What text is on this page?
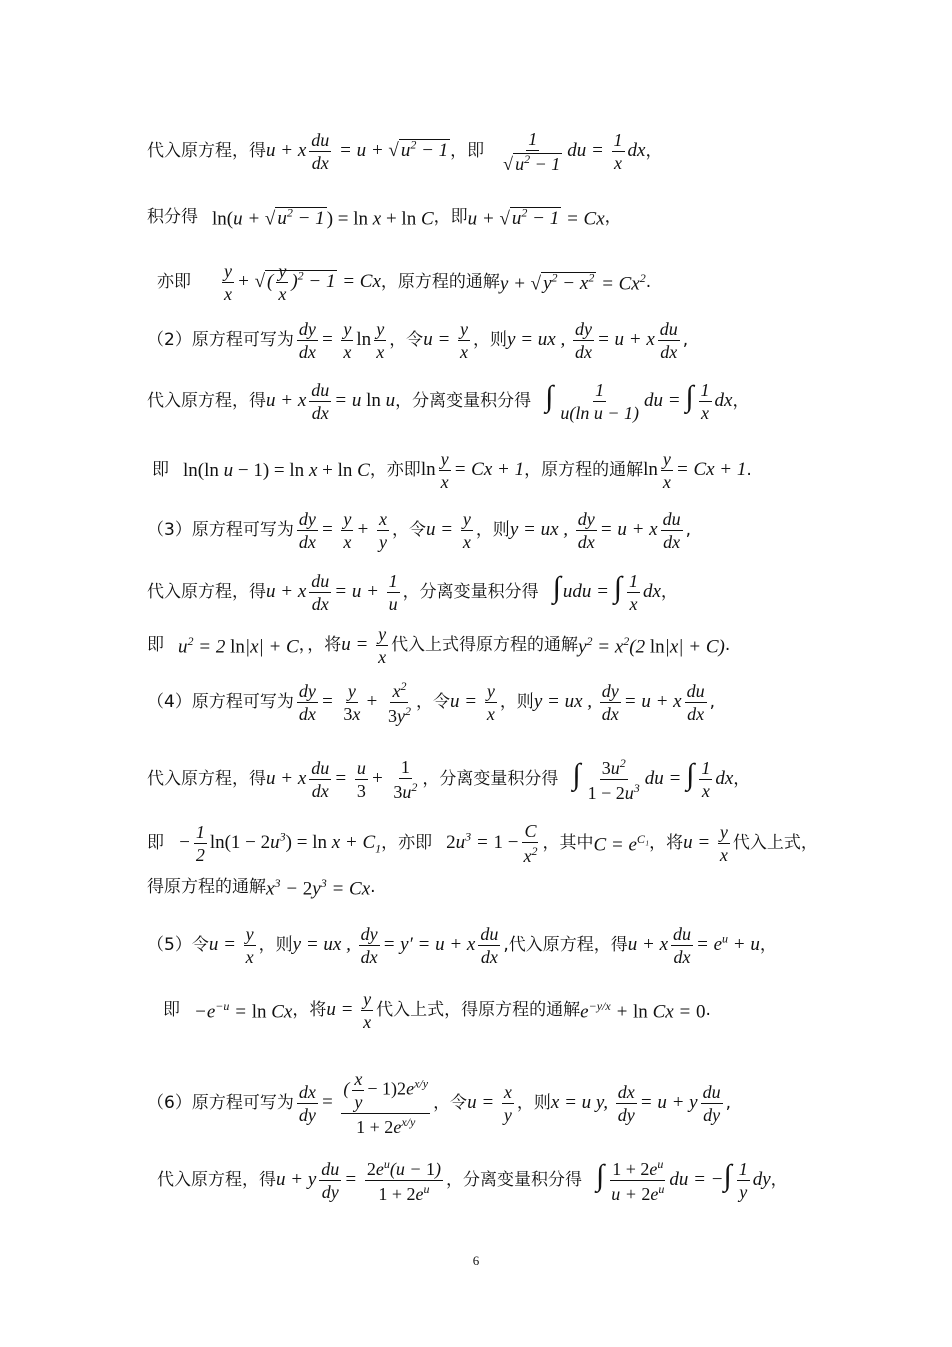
代入原方程，得 u + x $\frac{du}{dx} = u$ + √ $u^2 - 1$ ，即 $\frac{1}{√ u^2 - 1}$ du = $\frac{1}{x}$ dx ，
积分得 ln(u + √ $u^2 - 1$ ) = ln x + ln C ，即 u + √ $u^2 - 1 = Cx$ ，
亦即 $\frac{y}{x}$ + √ ( $\frac{y}{x} )^2 - 1 = Cx$ ，原方程的通解 y + √ $y^2 - x^2 = Cx^2$ .
（2）原方程可写为 $\frac{dy}{dx} = \frac{y}{x}$ $\ln \frac{y}{x}$ ，令 $u = \frac{y}{x}$ ，则 y = ux , $\frac{dy}{dx} = u + x \frac{du}{dx}$ ,
代入原方程，得 u + x $\frac{du}{dx} = u$ ln u ，分离变量积分得 ∫ $\frac{1}{\text{u(ln u − 1)}}$ du = ∫ $\frac{1}{x}$ dx ，
即 ln(ln u − 1) = ln x + ln C ，亦即 $\ln \frac{y}{x} = Cx + 1$ ，原方程的通解 $\ln \frac{y}{x} = Cx + 1$ .
（3）原方程可写为 $\frac{dy}{dx} = \frac{y}{x} + \frac{x}{y}$ ，令 $u = \frac{y}{x}$ ，则 y = ux , $\frac{dy}{dx} = u + x \frac{du}{dx}$ ,
代入原方程，得 u + x $\frac{du}{dx} = u + \frac{1}{u}$ ，分离变量积分得 ∫ udu = ∫ $\frac{1}{x}$ dx ，
即 $u^2 = 2$ ln|x| + C ，，将 $u = \frac{y}{x}$ 代入上式得原方程的通解 $y^2 = x^2(2$ ln|x| + C) .
（4）原方程可写为 $\frac{dy}{dx} = \frac{y}{3x} + \frac{x^2}{3y^2}$ ，令 $u = \frac{y}{x}$ ，则 y = ux , $\frac{dy}{dx} = u + x \frac{du}{dx}$ ,
代入原方程，得 u + x $\frac{du}{dx} = \frac{u}{3} + \frac{1}{3u^2}$ ，分离变量积分得 ∫ $\frac{3u^2}{1 - 2u^3}$ du = ∫ $\frac{1}{x}$ dx ，
即 − $\frac{1}{2} \ln(1 - 2u^3) = \ln x + C_1$ ，亦即 $2u^3 = 1 - \frac{C}{x^2}$ ，其中 $C = e^{C_1}$ ，将 $u = \frac{y}{x}$ 代入上式，
得原方程的通解 $x^3 - 2y^3 = Cx$ .
（5）令 $u = \frac{y}{x}$ ，则 y = ux , $\frac{dy}{dx} = y' = u + x \frac{du}{dx}$ ,代入原方程，得 u + x $\frac{du}{dx} = e^u + u$ ，
即 $-e^{-u} = \ln Cx$ ，将 $u = \frac{y}{x}$ 代入上式，得原方程的通解 $e^{-y/x} + \ln Cx = 0$ .
（6）原方程可写为 $\frac{dx}{dy} = \frac{( \frac{x}{y} - 1)2e^{x/y}}{1 + 2e^{x/y}}$ ，令 $u = \frac{x}{y}$ ，则 x = u y, $\frac{dx}{dy} = u + y \frac{du}{dy}$ ,
代入原方程，得 u + y $\frac{du}{dy} = \frac{2e^u(u - 1)}{1 + 2e^u}$ ，分离变量积分得 ∫ $\frac{1 + 2e^u}{u + 2e^u}$ du = −∫ $\frac{1}{y}$ dy ，
6
